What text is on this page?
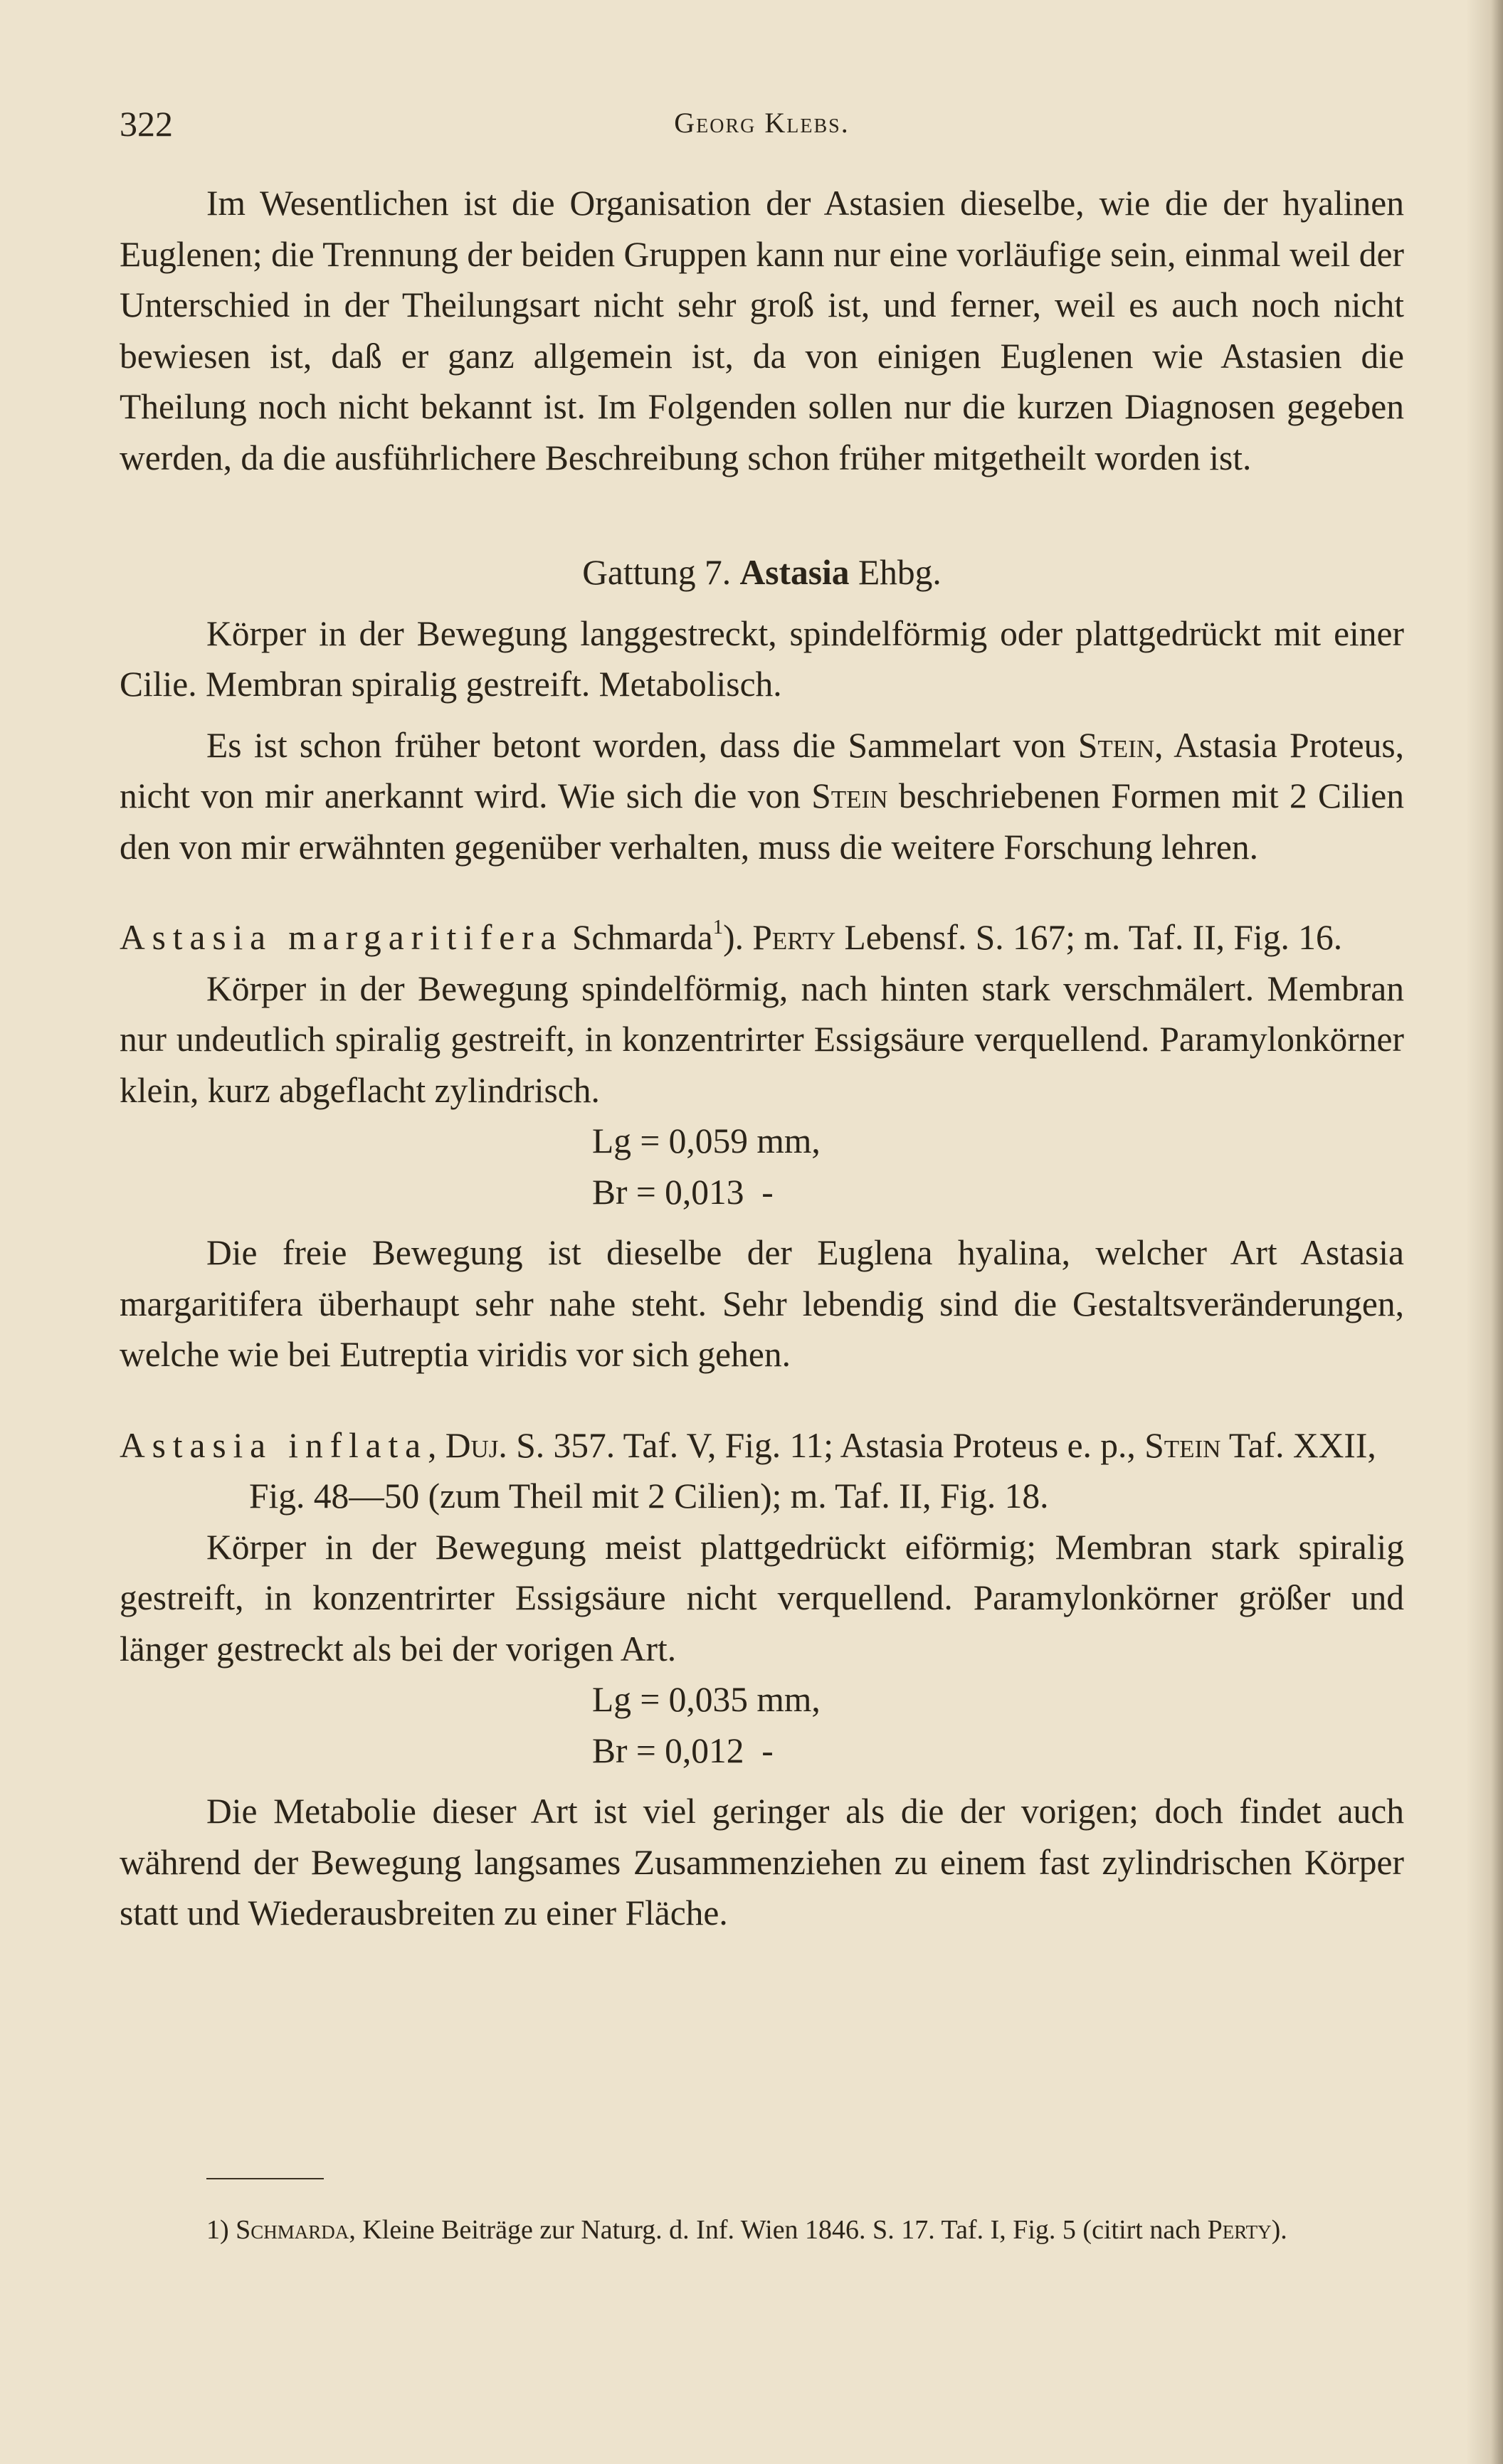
322	Georg Klebs.

Im Wesentlichen ist die Organisation der Astasien dieselbe, wie die der hyalinen Euglenen; die Trennung der beiden Gruppen kann nur eine vorläufige sein, einmal weil der Unterschied in der Theilungsart nicht sehr groß ist, und ferner, weil es auch noch nicht bewiesen ist, daß er ganz allgemein ist, da von einigen Euglenen wie Astasien die Theilung noch nicht bekannt ist. Im Folgenden sollen nur die kurzen Diagnosen gegeben werden, da die ausführlichere Beschreibung schon früher mitgetheilt worden ist.

Gattung 7. Astasia Ehbg.

Körper in der Bewegung langgestreckt, spindelförmig oder plattgedrückt mit einer Cilie. Membran spiralig gestreift. Metabolisch.

Es ist schon früher betont worden, dass die Sammelart von Stein, Astasia Proteus, nicht von mir anerkannt wird. Wie sich die von Stein beschriebenen Formen mit 2 Cilien den von mir erwähnten gegenüber verhalten, muss die weitere Forschung lehren.

Astasia margaritifera Schmarda$^1$). Perty Lebensf. S. 167; m. Taf. II, Fig. 16.

Körper in der Bewegung spindelförmig, nach hinten stark verschmälert. Membran nur undeutlich spiralig gestreift, in konzentrirter Essigsäure verquellend. Paramylonkörner klein, kurz abgeflacht zylindrisch.

Lg = 0,059 mm,

Br = 0,013  -

Die freie Bewegung ist dieselbe der Euglena hyalina, welcher Art Astasia margaritifera überhaupt sehr nahe steht. Sehr lebendig sind die Gestaltsveränderungen, welche wie bei Eutreptia viridis vor sich gehen.

Astasia inflata, Duj. S. 357. Taf. V, Fig. 11; Astasia Proteus e. p., Stein Taf. XXII, Fig. 48—50 (zum Theil mit 2 Cilien); m. Taf. II, Fig. 18.

Körper in der Bewegung meist plattgedrückt eiförmig; Membran stark spiralig gestreift, in konzentrirter Essigsäure nicht verquellend. Paramylonkörner größer und länger gestreckt als bei der vorigen Art.

Lg = 0,035 mm,

Br = 0,012  -

Die Metabolie dieser Art ist viel geringer als die der vorigen; doch findet auch während der Bewegung langsames Zusammenziehen zu einem fast zylindrischen Körper statt und Wiederausbreiten zu einer Fläche.

1) Schmarda, Kleine Beiträge zur Naturg. d. Inf. Wien 1846. S. 17. Taf. I, Fig. 5 (citirt nach Perty).
